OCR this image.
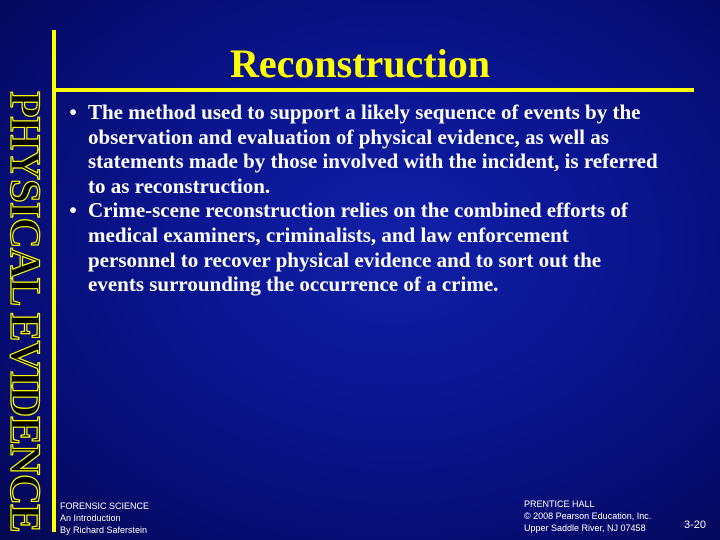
PHYSICAL EVIDENCE
Reconstruction
• The method used to support a likely sequence of events by the observation and evaluation of physical evidence, as well as statements made by those involved with the incident, is referred to as reconstruction.
• Crime-scene reconstruction relies on the combined efforts of medical examiners, criminalists, and law enforcement personnel to recover physical evidence and to sort out the events surrounding the occurrence of a crime.
FORENSIC SCIENCE
An Introduction
By Richard Saferstein
PRENTICE HALL
© 2008 Pearson Education, Inc.
Upper Saddle River, NJ 07458	3-20
